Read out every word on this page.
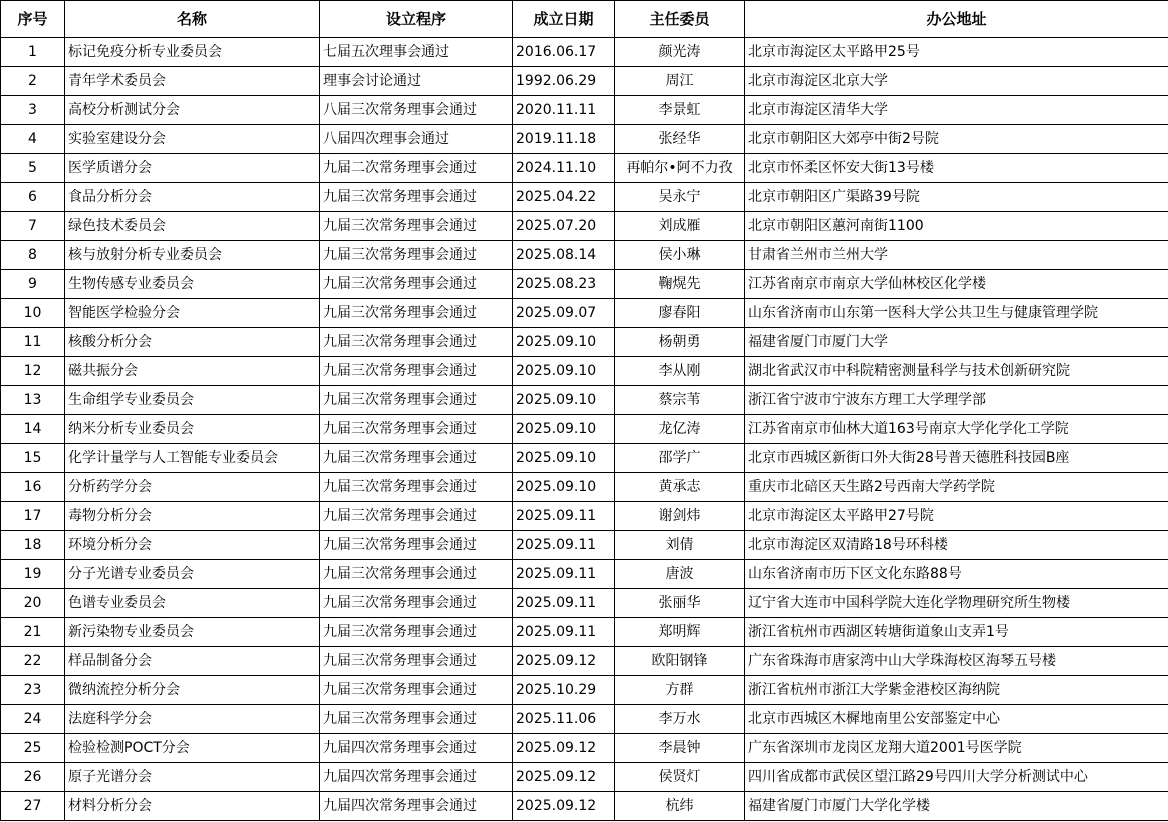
序号	名称	设立程序	成立日期	主任委员	办公地址
1	标记免疫分析专业委员会	七届五次理事会通过	2016.06.17	颜光涛	北京市海淀区太平路甲25号
2	青年学术委员会	理事会讨论通过	1992.06.29	周江	北京市海淀区北京大学
3	高校分析测试分会	八届三次常务理事会通过	2020.11.11	李景虹	北京市海淀区清华大学
4	实验室建设分会	八届四次理事会通过	2019.11.18	张经华	北京市朝阳区大郊亭中街2号院
5	医学质谱分会	九届二次常务理事会通过	2024.11.10	再帕尔•阿不力孜	北京市怀柔区怀安大街13号楼
6	食品分析分会	九届三次常务理事会通过	2025.04.22	吴永宁	北京市朝阳区广渠路39号院
7	绿色技术委员会	九届三次常务理事会通过	2025.07.20	刘成雁	北京市朝阳区蕙河南街1100
8	核与放射分析专业委员会	九届三次常务理事会通过	2025.08.14	侯小琳	甘肃省兰州市兰州大学
9	生物传感专业委员会	九届三次常务理事会通过	2025.08.23	鞠熀先	江苏省南京市南京大学仙林校区化学楼
10	智能医学检验分会	九届三次常务理事会通过	2025.09.07	廖春阳	山东省济南市山东第一医科大学公共卫生与健康管理学院
11	核酸分析分会	九届三次常务理事会通过	2025.09.10	杨朝勇	福建省厦门市厦门大学
12	磁共振分会	九届三次常务理事会通过	2025.09.10	李从刚	湖北省武汉市中科院精密测量科学与技术创新研究院
13	生命组学专业委员会	九届三次常务理事会通过	2025.09.10	蔡宗苇	浙江省宁波市宁波东方理工大学理学部
14	纳米分析专业委员会	九届三次常务理事会通过	2025.09.10	龙亿涛	江苏省南京市仙林大道163号南京大学化学化工学院
15	化学计量学与人工智能专业委员会	九届三次常务理事会通过	2025.09.10	邵学广	北京市西城区新街口外大街28号普天德胜科技园B座
16	分析药学分会	九届三次常务理事会通过	2025.09.10	黄承志	重庆市北碚区天生路2号西南大学药学院
17	毒物分析分会	九届三次常务理事会通过	2025.09.11	谢剑炜	北京市海淀区太平路甲27号院
18	环境分析分会	九届三次常务理事会通过	2025.09.11	刘倩	北京市海淀区双清路18号环科楼
19	分子光谱专业委员会	九届三次常务理事会通过	2025.09.11	唐波	山东省济南市历下区文化东路88号
20	色谱专业委员会	九届三次常务理事会通过	2025.09.11	张丽华	辽宁省大连市中国科学院大连化学物理研究所生物楼
21	新污染物专业委员会	九届三次常务理事会通过	2025.09.11	郑明辉	浙江省杭州市西湖区转塘街道象山支弄1号
22	样品制备分会	九届三次常务理事会通过	2025.09.12	欧阳钢锋	广东省珠海市唐家湾中山大学珠海校区海琴五号楼
23	微纳流控分析分会	九届三次常务理事会通过	2025.10.29	方群	浙江省杭州市浙江大学紫金港校区海纳院
24	法庭科学分会	九届三次常务理事会通过	2025.11.06	李万水	北京市西城区木樨地南里公安部鉴定中心
25	检验检测POCT分会	九届四次常务理事会通过	2025.09.12	李晨钟	广东省深圳市龙岗区龙翔大道2001号医学院
26	原子光谱分会	九届四次常务理事会通过	2025.09.12	侯贤灯	四川省成都市武侯区望江路29号四川大学分析测试中心
27	材料分析分会	九届四次常务理事会通过	2025.09.12	杭纬	福建省厦门市厦门大学化学楼
